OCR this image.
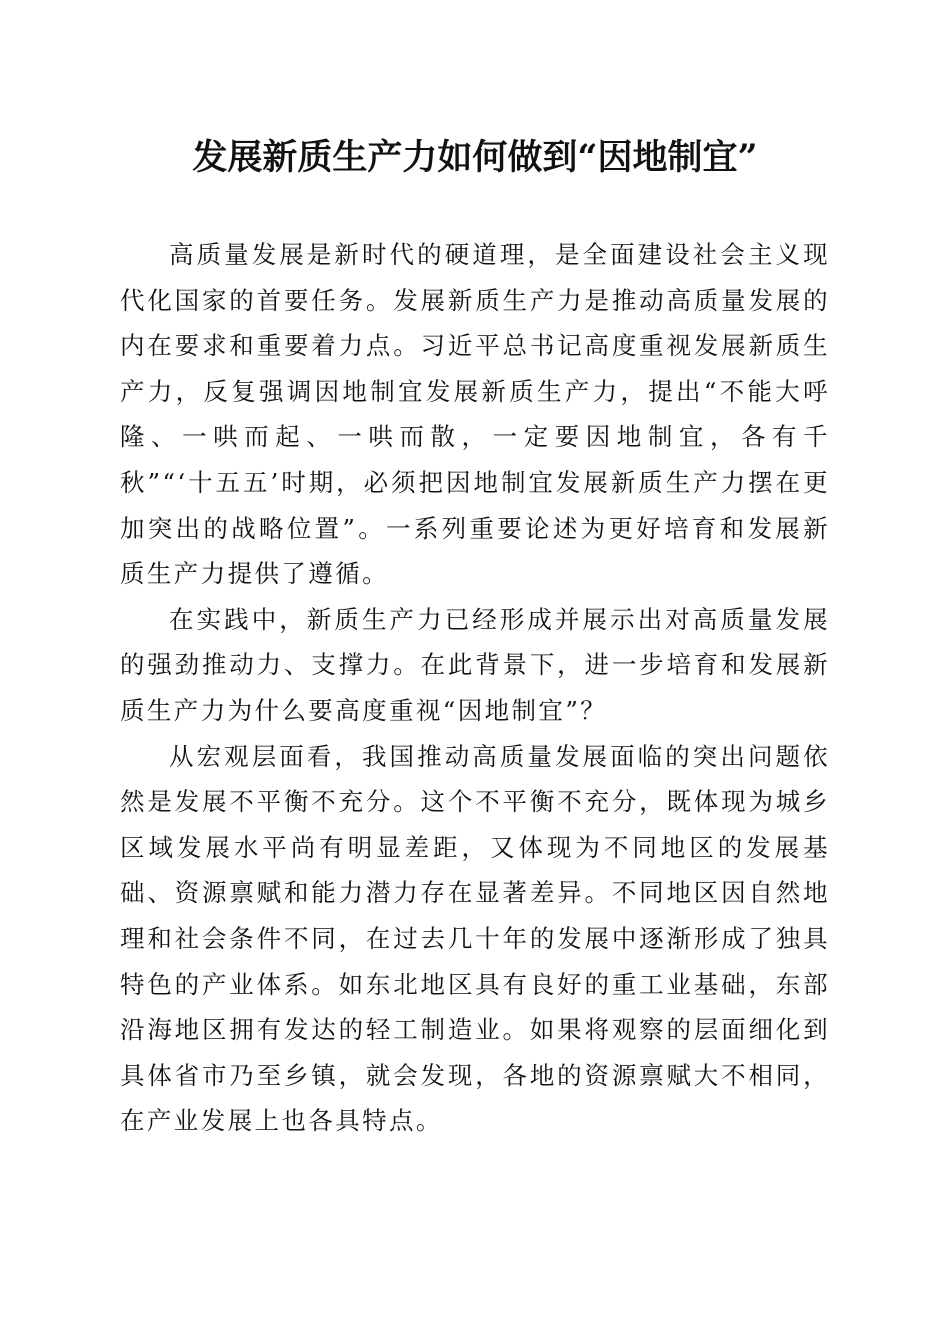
发展新质生产力如何做到“因地制宜”

高质量发展是新时代的硬道理，是全面建设社会主义现代化国家的首要任务。发展新质生产力是推动高质量发展的内在要求和重要着力点。习近平总书记高度重视发展新质生产力，反复强调因地制宜发展新质生产力，提出“不能大呼隆、一哄而起、一哄而散，一定要因地制宜，各有千秋”“‘十五五’时期，必须把因地制宜发展新质生产力摆在更加突出的战略位置”。一系列重要论述为更好培育和发展新质生产力提供了遵循。

在实践中，新质生产力已经形成并展示出对高质量发展的强劲推动力、支撑力。在此背景下，进一步培育和发展新质生产力为什么要高度重视“因地制宜”？

从宏观层面看，我国推动高质量发展面临的突出问题依然是发展不平衡不充分。这个不平衡不充分，既体现为城乡区域发展水平尚有明显差距，又体现为不同地区的发展基础、资源禀赋和能力潜力存在显著差异。不同地区因自然地理和社会条件不同，在过去几十年的发展中逐渐形成了独具特色的产业体系。如东北地区具有良好的重工业基础，东部沿海地区拥有发达的轻工制造业。如果将观察的层面细化到具体省市乃至乡镇，就会发现，各地的资源禀赋大不相同，在产业发展上也各具特点。
